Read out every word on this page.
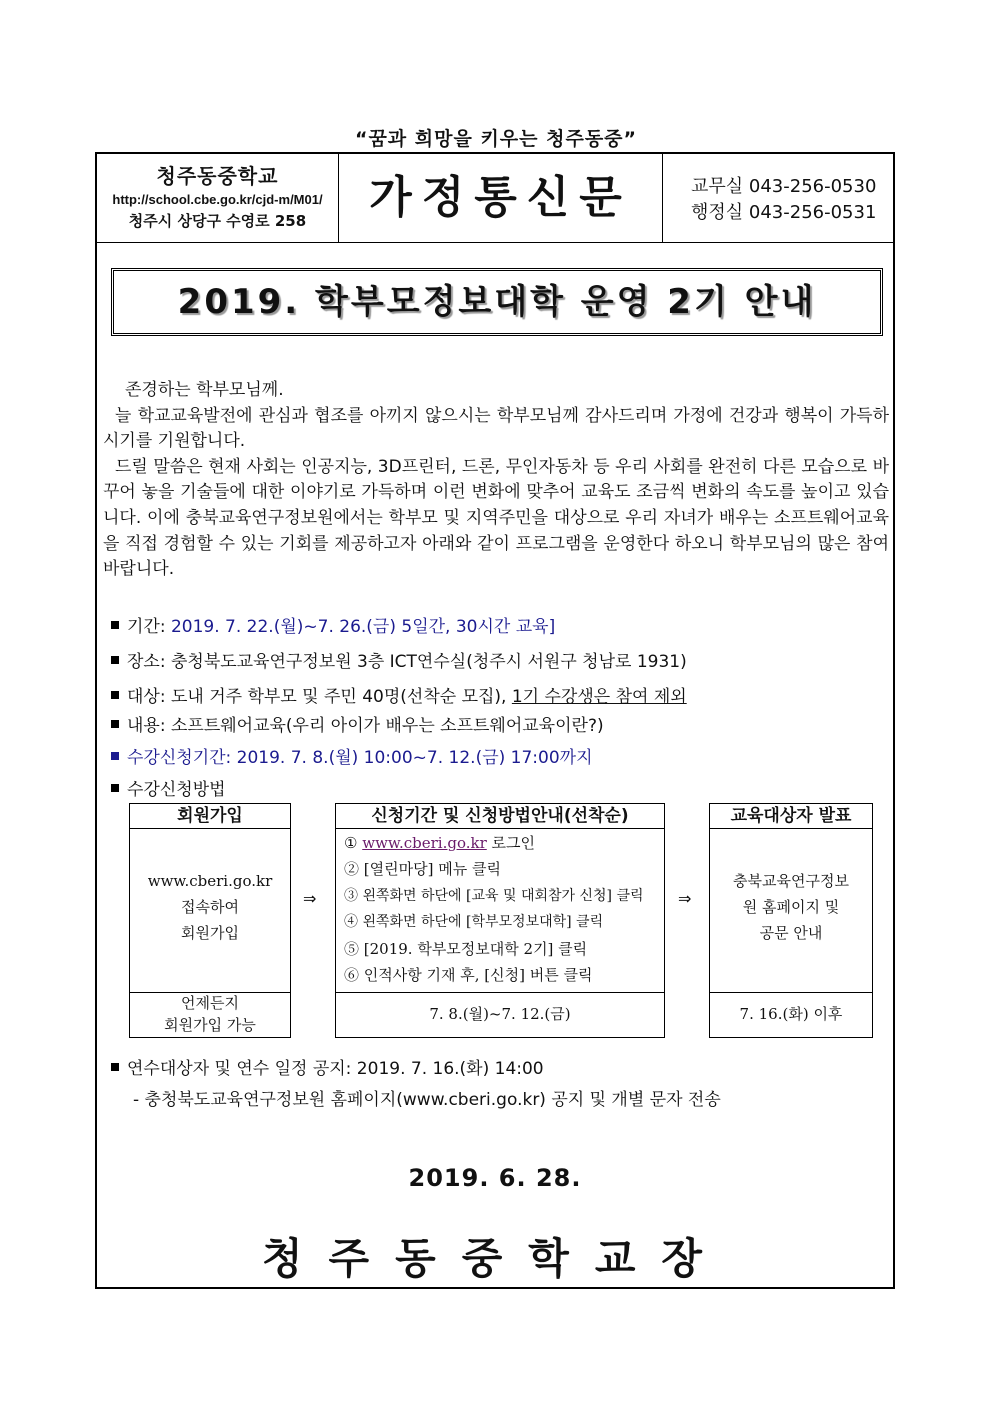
“꿈과 희망을 키우는 청주동중”
청주동중학교
http://school.cbe.go.kr/cjd-m/M01/
청주시 상당구 수영로 258	가정통신문	교무실 043-256-0530
행정실 043-256-0531
2019. 학부모정보대학 운영 2기 안내

존경하는 학부모님께.

늘 학교교육발전에 관심과 협조를 아끼지 않으시는 학부모님께 감사드리며 가정에 건강과 행복이 가득하시기를 기원합니다.

드릴 말씀은 현재 사회는 인공지능, 3D프린터, 드론, 무인자동차 등 우리 사회를 완전히 다른 모습으로 바꾸어 놓을 기술들에 대한 이야기로 가득하며 이런 변화에 맞추어 교육도 조금씩 변화의 속도를 높이고 있습니다. 이에 충북교육연구정보원에서는 학부모 및 지역주민을 대상으로 우리 자녀가 배우는 소프트웨어교육을 직접 경험할 수 있는 기회를 제공하고자 아래와 같이 프로그램을 운영한다 하오니 학부모님의 많은 참여 바랍니다.

기간: 2019. 7. 22.(월)~7. 26.(금) 5일간, 30시간 교육]
장소: 충청북도교육연구정보원 3층 ICT연수실(청주시 서원구 청남로 1931)
대상: 도내 거주 학부모 및 주민 40명(선착순 모집), 1기 수강생은 참여 제외
내용: 소프트웨어교육(우리 아이가 배우는 소프트웨어교육이란?)
수강신청기간: 2019. 7. 8.(월) 10:00~7. 12.(금) 17:00까지
수강신청방법
회원가입
www.cberi.go.kr
접속하여
회원가입
언제든지
회원가입 가능
⇒
신청기간 및 신청방법안내(선착순)
① www.cberi.go.kr 로그인
② [열린마당] 메뉴 클릭
③ 왼쪽화면 하단에 [교육 및 대회참가 신청] 클릭
④ 왼쪽화면 하단에 [학부모정보대학] 클릭
⑤ [2019. 학부모정보대학 2기] 클릭
⑥ 인적사항 기재 후, [신청] 버튼 클릭
7. 8.(월)~7. 12.(금)
⇒
교육대상자 발표
충북교육연구정보
원 홈페이지 및
공문 안내
7. 16.(화) 이후
연수대상자 및 연수 일정 공지: 2019. 7. 16.(화) 14:00
- 충청북도교육연구정보원 홈페이지(www.cberi.go.kr) 공지 및 개별 문자 전송
2019. 6. 28.
청주동중학교장
